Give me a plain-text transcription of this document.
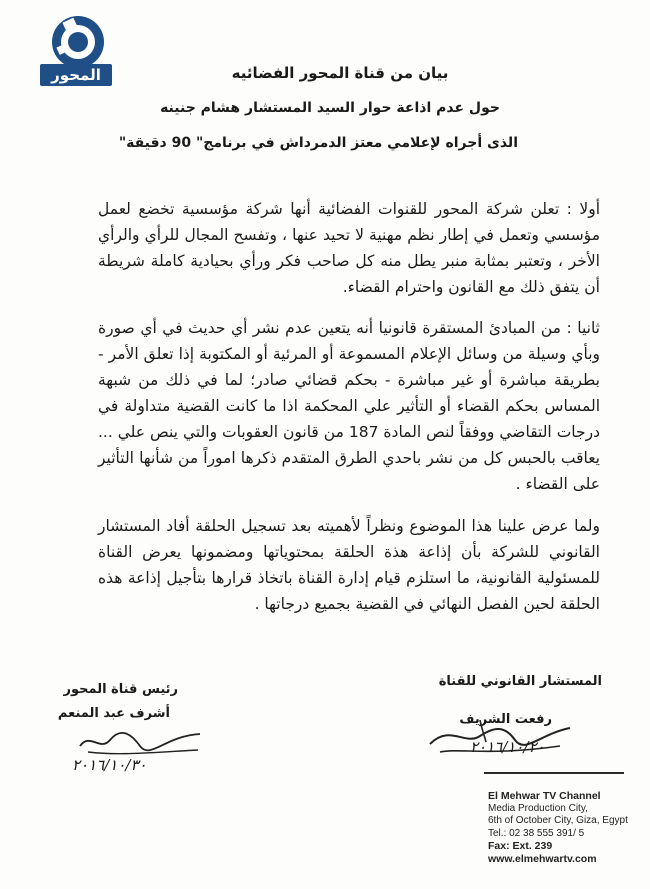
المحور	بيان من قناة المحور الفضائيه
حول عدم اذاعة حوار السيد المستشار هشام جنينه
الذى أجراه لإعلامي معتز الدمرداش في برنامج" 90 دقيقة"
أولا : تعلن شركة المحور للقنوات الفضائية أنها شركة مؤسسية تخضع لعمل مؤسسي وتعمل في إطار نظم مهنية لا تحيد عنها ، وتفسح المجال للرأي والرأي الأخر ، وتعتبر بمثابة منبر يطل منه كل صاحب فكر ورأي بحيادية كاملة شريطة أن يتفق ذلك مع القانون واحترام القضاء.
ثانيا : من المبادئ المستقرة قانونيا أنه يتعين عدم نشر أي حديث في أي صورة وبأي وسيلة من وسائل الإعلام المسموعة أو المرئية أو المكتوبة إذا تعلق الأمر - بطريقة مباشرة أو غير مباشرة - بحكم قضائي صادر؛ لما في ذلك من شبهة المساس بحكم القضاء أو التأثير علي المحكمة اذا ما كانت القضية متداولة في درجات التقاضي ووفقاً لنص المادة 187 من قانون العقوبات والتي ينص علي ... يعاقب بالحبس كل من نشر باحدي الطرق المتقدم ذكرها اموراً من شأنها التأثير على القضاء .
ولما عرض علينا هذا الموضوع ونظراً لأهميته بعد تسجيل الحلقة أفاد المستشار القانوني للشركة بأن إذاعة هذة الحلقة بمحتوياتها ومضمونها يعرض القناة للمسئولية القانونية، ما استلزم قيام إدارة القناة باتخاذ قرارها بتأجيل إذاعة هذه الحلقة لحين الفصل النهائي في القضية بجميع درجاتها .
المستشار القانوني للقناة
رفعت الشريف
٢٠١٦/١٠/٢٠
رئيس قناة المحور
أشرف عبد المنعم
٢٠١٦/١٠/٣٠
El Mehwar TV Channel
Media Production City,
6th of October City, Giza, Egypt
Tel.: 02 38 555 391/ 5
Fax: Ext. 239
www.elmehwartv.com
